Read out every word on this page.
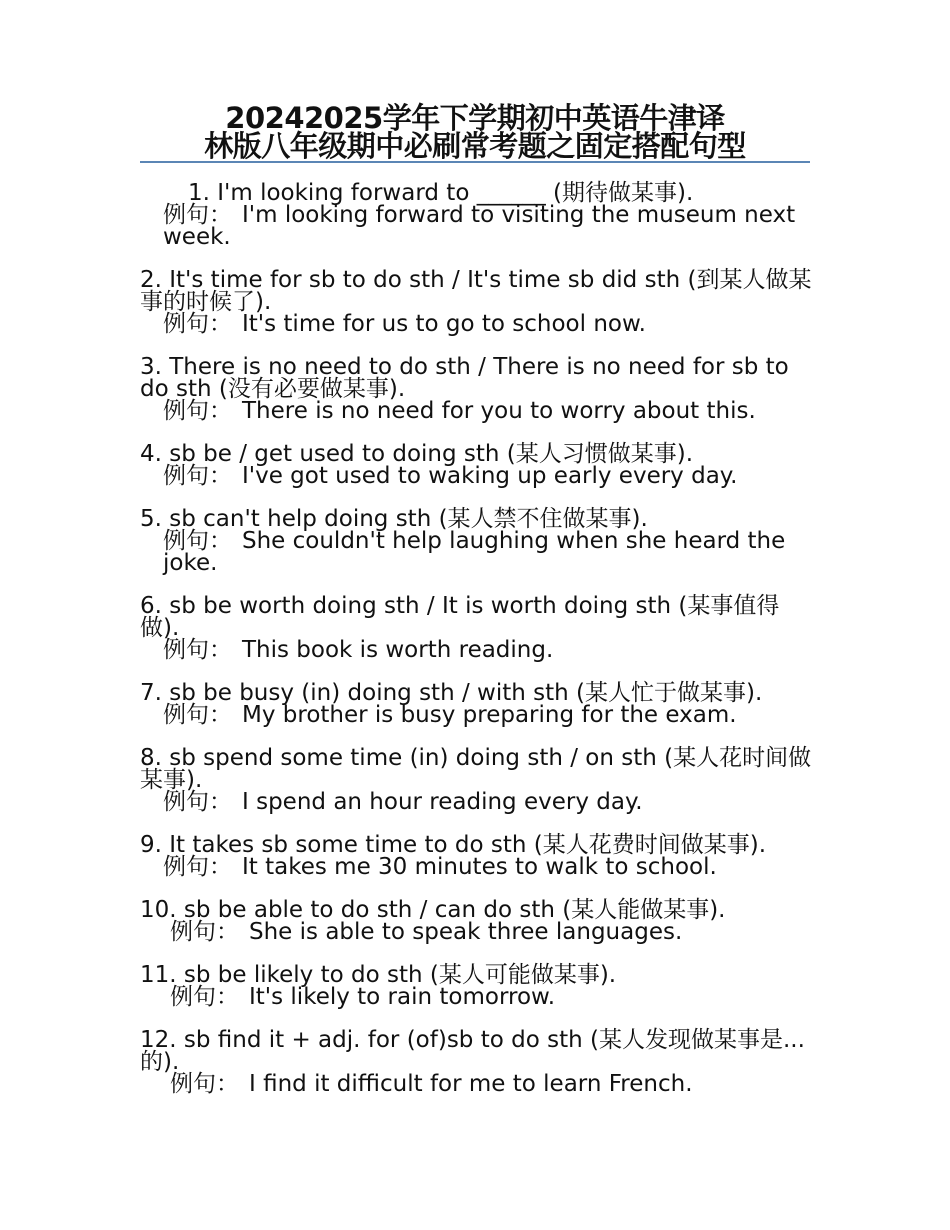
20242025学年下学期初中英语牛津译
林版八年级期中必刷常考题之固定搭配句型
1. I'm looking forward to ______ (期待做某事).
例句： I'm looking forward to visiting the museum next week.
2. It's time for sb to do sth / It's time sb did sth (到某人做某事的时候了).
例句： It's time for us to go to school now.
3. There is no need to do sth / There is no need for sb to do sth (没有必要做某事).
例句： There is no need for you to worry about this.
4. sb be / get used to doing sth (某人习惯做某事).
例句： I've got used to waking up early every day.
5. sb can't help doing sth (某人禁不住做某事).
例句： She couldn't help laughing when she heard the joke.
6. sb be worth doing sth / It is worth doing sth (某事值得做).
例句： This book is worth reading.
7. sb be busy (in) doing sth / with sth (某人忙于做某事).
例句： My brother is busy preparing for the exam.
8. sb spend some time (in) doing sth / on sth (某人花时间做某事).
例句： I spend an hour reading every day.
9. It takes sb some time to do sth (某人花费时间做某事).
例句： It takes me 30 minutes to walk to school.
10. sb be able to do sth / can do sth (某人能做某事).
例句： She is able to speak three languages.
11. sb be likely to do sth (某人可能做某事).
例句： It's likely to rain tomorrow.
12. sb find it + adj. for (of)sb to do sth (某人发现做某事是...的).
例句： I find it difficult for me to learn French.
